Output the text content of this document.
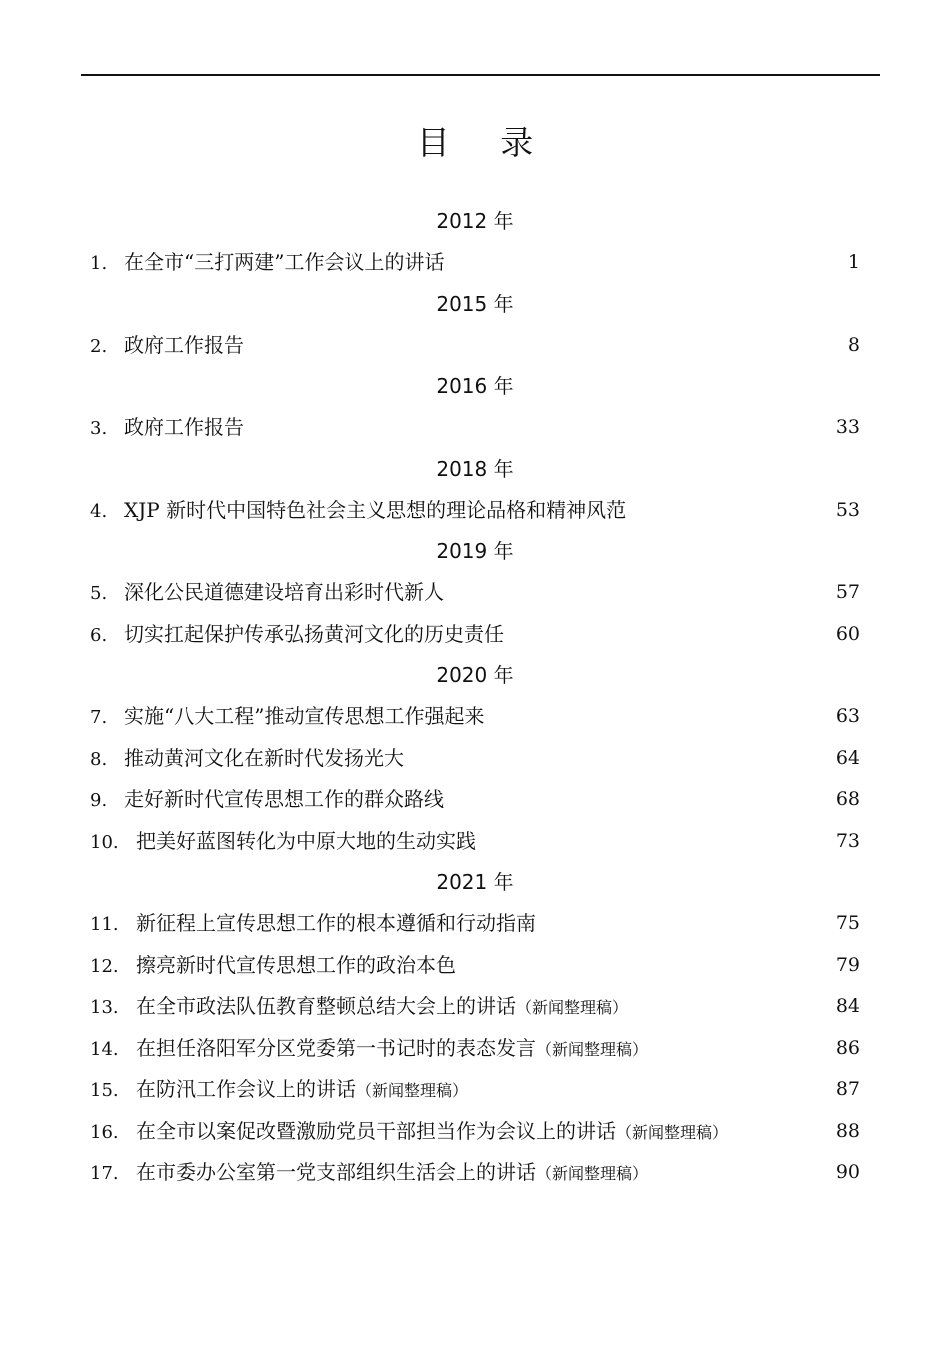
目 录
2012 年
1. 在全市“三打两建”工作会议上的讲话	1
2015 年
2. 政府工作报告	8
2016 年
3. 政府工作报告	33
2018 年
4. XJP 新时代中国特色社会主义思想的理论品格和精神风范	53
2019 年
5. 深化公民道德建设培育出彩时代新人	57
6. 切实扛起保护传承弘扬黄河文化的历史责任	60
2020 年
7. 实施“八大工程”推动宣传思想工作强起来	63
8. 推动黄河文化在新时代发扬光大	64
9. 走好新时代宣传思想工作的群众路线	68
10. 把美好蓝图转化为中原大地的生动实践	73
2021 年
11. 新征程上宣传思想工作的根本遵循和行动指南	75
12. 擦亮新时代宣传思想工作的政治本色	79
13. 在全市政法队伍教育整顿总结大会上的讲话（新闻整理稿）	84
14. 在担任洛阳军分区党委第一书记时的表态发言（新闻整理稿）	86
15. 在防汛工作会议上的讲话（新闻整理稿）	87
16. 在全市以案促改暨激励党员干部担当作为会议上的讲话（新闻整理稿）	88
17. 在市委办公室第一党支部组织生活会上的讲话（新闻整理稿）	90
